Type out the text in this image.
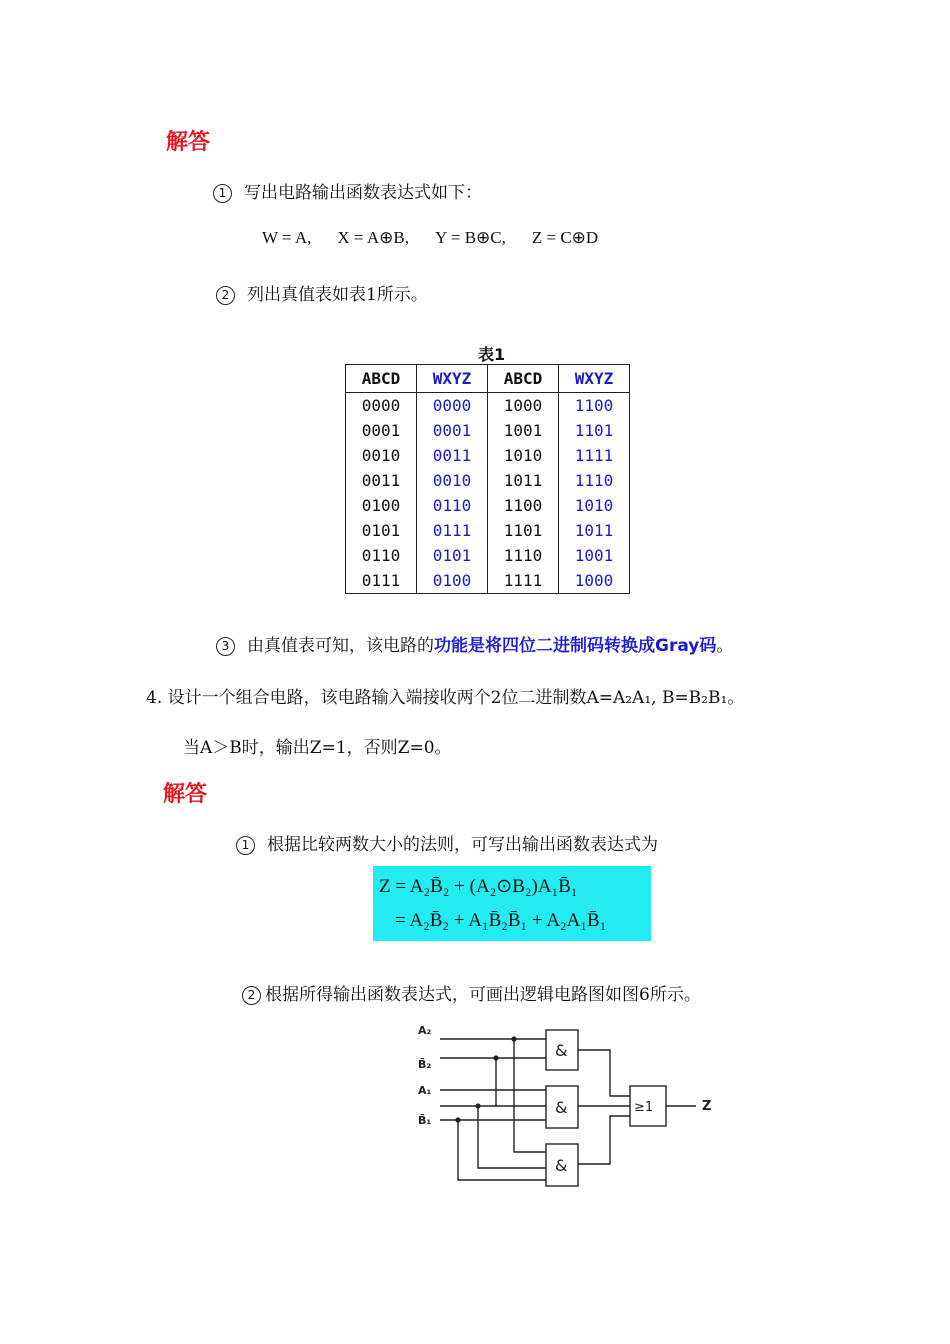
解答
1 写出电路输出函数表达式如下：
W = A, X = A⊕B, Y = B⊕C, Z = C⊕D
2 列出真值表如表1所示。
表1
ABCD	WXYZ	ABCD	WXYZ
0000	0000	1000	1100
0001	0001	1001	1101
0010	0011	1010	1111
0011	0010	1011	1110
0100	0110	1100	1010
0101	0111	1101	1011
0110	0101	1110	1001
0111	0100	1111	1000
3 由真值表可知，该电路的功能是将四位二进制码转换成Gray码。
4. 设计一个组合电路，该电路输入端接收两个2位二进制数A=A₂A₁, B=B₂B₁。
当A＞B时，输出Z=1，否则Z=0。
解答
1 根据比较两数大小的法则，可写出输出函数表达式为
Z = A₂B̄₂ + (A₂⊙B₂)A₁B̄₁
= A₂B̄₂ + A₁B̄₂B̄₁ + A₂A₁B̄₁
2 根据所得输出函数表达式，可画出逻辑电路图如图6所示。
A₂
B̄₂
A₁
B̄₁
&
&
&
≥1	Z
